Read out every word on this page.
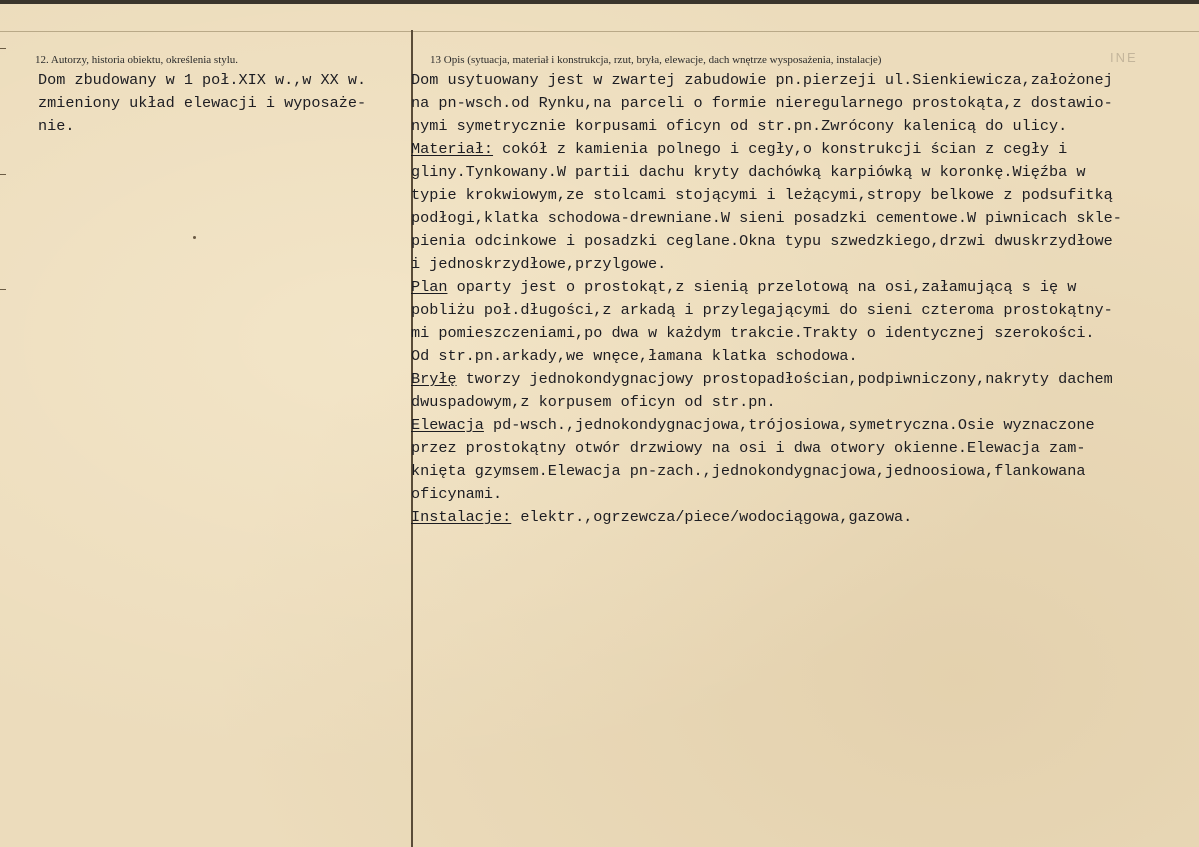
12. Autorzy, historia obiektu, określenia stylu.	13 Opis (sytuacja, materiał i konstrukcja, rzut, bryła, elewacje, dach wnętrze wysposażenia, instalacje)	INE
Dom zbudowany w 1 poł.XIX w.,w XX w.
zmieniony układ elewacji i wyposaże-
nie.
Dom usytuowany jest w zwartej zabudowie pn.pierzeji ul.Sienkiewicza,założonej
na pn-wsch.od Rynku,na parceli o formie nieregularnego prostokąta,z dostawio-
nymi symetrycznie korpusami oficyn od str.pn.Zwrócony kalenicą do ulicy.
Materiał: cokół z kamienia polnego i cegły,o konstrukcji ścian z cegły i
gliny.Tynkowany.W partii dachu kryty dachówką karpiówką w koronkę.Więźba w
typie krokwiowym,ze stolcami stojącymi i leżącymi,stropy belkowe z podsufitką
podłogi,klatka schodowa-drewniane.W sieni posadzki cementowe.W piwnicach skle-
pienia odcinkowe i posadzki ceglane.Okna typu szwedzkiego,drzwi dwuskrzydłowe
i jednoskrzydłowe,przylgowe.
Plan oparty jest o prostokąt,z sienią przelotową na osi,załamującą s ię w
pobliżu poł.długości,z arkadą i przylegającymi do sieni czteroma prostokątny-
mi pomieszczeniami,po dwa w każdym trakcie.Trakty o identycznej szerokości.
Od str.pn.arkady,we wnęce,łamana klatka schodowa.
Bryłę tworzy jednokondygnacjowy prostopadłościan,podpiwniczony,nakryty dachem
dwuspadowym,z korpusem oficyn od str.pn.
Elewacja pd-wsch.,jednokondygnacjowa,trójosiowa,symetryczna.Osie wyznaczone
przez prostokątny otwór drzwiowy na osi i dwa otwory okienne.Elewacja zam-
knięta gzymsem.Elewacja pn-zach.,jednokondygnacjowa,jednoosiowa,flankowana
oficynami.
Instalacje: elektr.,ogrzewcza/piece/wodociągowa,gazowa.
